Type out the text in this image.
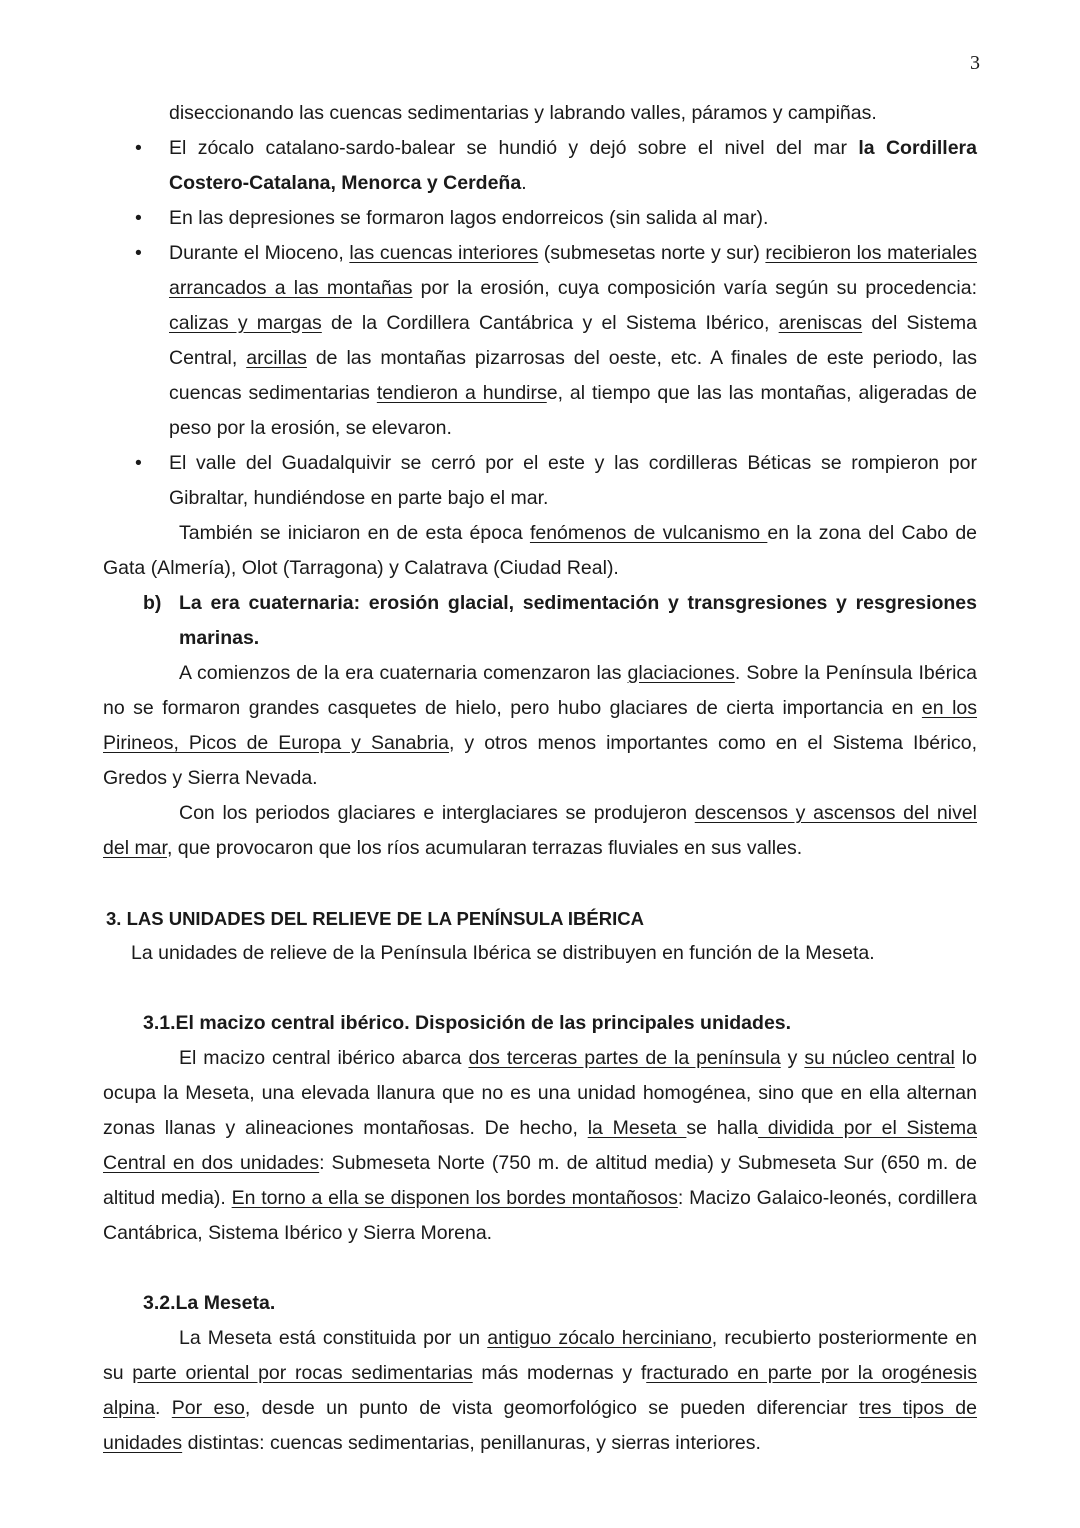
3

diseccionando las cuencas sedimentarias y labrando valles, páramos y campiñas.

• El zócalo catalano-sardo-balear se hundió y dejó sobre el nivel del mar la Cordillera Costero-Catalana, Menorca y Cerdeña.
• En las depresiones se formaron lagos endorreicos (sin salida al mar).
• Durante el Mioceno, las cuencas interiores (submesetas norte y sur) recibieron los materiales arrancados a las montañas por la erosión, cuya composición varía según su procedencia: calizas y margas de la Cordillera Cantábrica y el Sistema Ibérico, areniscas del Sistema Central, arcillas de las montañas pizarrosas del oeste, etc. A finales de este periodo, las cuencas sedimentarias tendieron a hundirse, al tiempo que las las montañas, aligeradas de peso por la erosión, se elevaron.
• El valle del Guadalquivir se cerró por el este y las cordilleras Béticas se rompieron por Gibraltar, hundiéndose en parte bajo el mar.

También se iniciaron en de esta época fenómenos de vulcanismo en la zona del Cabo de Gata (Almería), Olot (Tarragona) y Calatrava (Ciudad Real).

b) La era cuaternaria: erosión glacial, sedimentación y transgresiones y resgresiones marinas.

A comienzos de la era cuaternaria comenzaron las glaciaciones. Sobre la Península Ibérica no se formaron grandes casquetes de hielo, pero hubo glaciares de cierta importancia en en los Pirineos, Picos de Europa y Sanabria, y otros menos importantes como en el Sistema Ibérico, Gredos y Sierra Nevada.

Con los periodos glaciares e interglaciares se produjeron descensos y ascensos del nivel del mar, que provocaron que los ríos acumularan terrazas fluviales en sus valles.

3. LAS UNIDADES DEL RELIEVE DE LA PENÍNSULA IBÉRICA

La unidades de relieve de la Península Ibérica se distribuyen en función de la Meseta.

3.1.El macizo central ibérico. Disposición de las principales unidades.

El macizo central ibérico abarca dos terceras partes de la península y su núcleo central lo ocupa la Meseta, una elevada llanura que no es una unidad homogénea, sino que en ella alternan zonas llanas y alineaciones montañosas. De hecho, la Meseta se halla dividida por el Sistema Central en dos unidades: Submeseta Norte (750 m. de altitud media) y Submeseta Sur (650 m. de altitud media). En torno a ella se disponen los bordes montañosos: Macizo Galaico-leonés, cordillera Cantábrica, Sistema Ibérico y Sierra Morena.

3.2.La Meseta.

La Meseta está constituida por un antiguo zócalo herciniano, recubierto posteriormente en su parte oriental por rocas sedimentarias más modernas y fracturado en parte por la orogénesis alpina. Por eso, desde un punto de vista geomorfológico se pueden diferenciar tres tipos de unidades distintas: cuencas sedimentarias, penillanuras, y sierras interiores.
